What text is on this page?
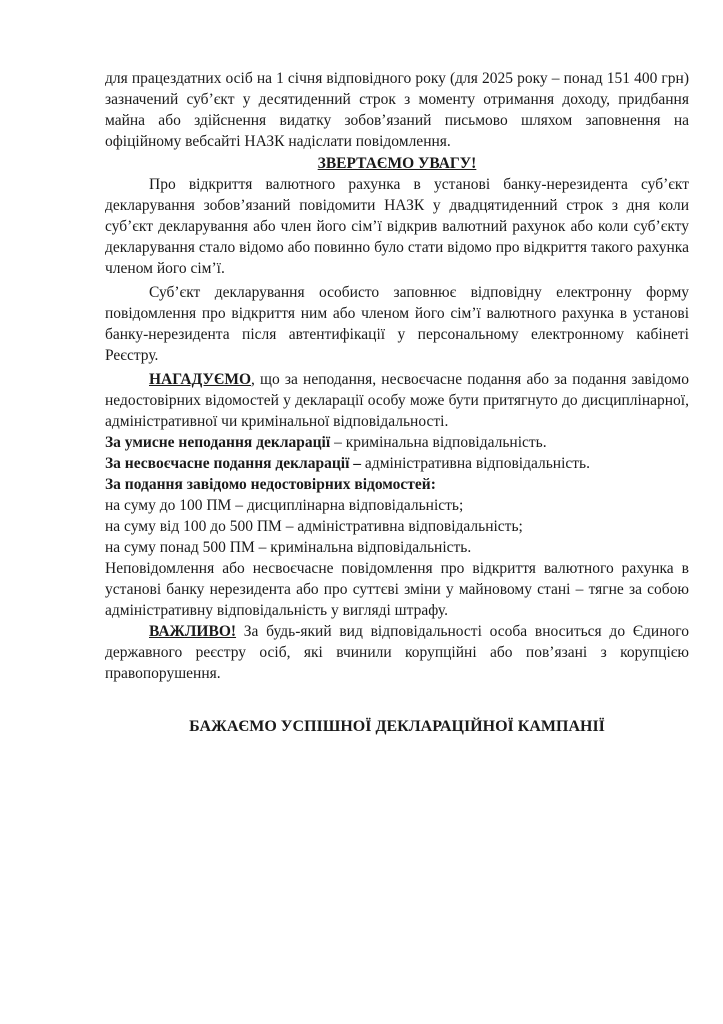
для працездатних осіб на 1 січня відповідного року (для 2025 року – понад 151 400 грн) зазначений суб’єкт у десятиденний строк з моменту отримання доходу, придбання майна або здійснення видатку зобов’язаний письмово шляхом заповнення на офіційному вебсайті НАЗК надіслати повідомлення.

ЗВЕРТАЄМО УВАГУ!

Про відкриття валютного рахунка в установі банку-нерезидента суб’єкт декларування зобов’язаний повідомити НАЗК у двадцятиденний строк з дня коли суб’єкт декларування або член його сім’ї відкрив валютний рахунок або коли суб’єкту декларування стало відомо або повинно було стати відомо про відкриття такого рахунка членом його сім’ї.

Суб’єкт декларування особисто заповнює відповідну електронну форму повідомлення про відкриття ним або членом його сім’ї валютного рахунка в установі банку-нерезидента після автентифікації у персональному електронному кабінеті Реєстру.

НАГАДУЄМО, що за неподання, несвоєчасне подання або за подання завідомо недостовірних відомостей у декларації особу може бути притягнуто до дисциплінарної, адміністративної чи кримінальної відповідальності.

За умисне неподання декларації – кримінальна відповідальність.

За несвоєчасне подання декларації – адміністративна відповідальність.

За подання завідомо недостовірних відомостей:

на суму до 100 ПМ – дисциплінарна відповідальність;

на суму від 100 до 500 ПМ – адміністративна відповідальність;

на суму понад 500 ПМ – кримінальна відповідальність.

Неповідомлення або несвоєчасне повідомлення про відкриття валютного рахунка в установі банку нерезидента або про суттєві зміни у майновому стані – тягне за собою адміністративну відповідальність у вигляді штрафу.

ВАЖЛИВО! За будь-який вид відповідальності особа вноситься до Єдиного державного реєстру осіб, які вчинили корупційні або пов’язані з корупцією правопорушення.

БАЖАЄМО УСПІШНОЇ ДЕКЛАРАЦІЙНОЇ КАМПАНІЇ
